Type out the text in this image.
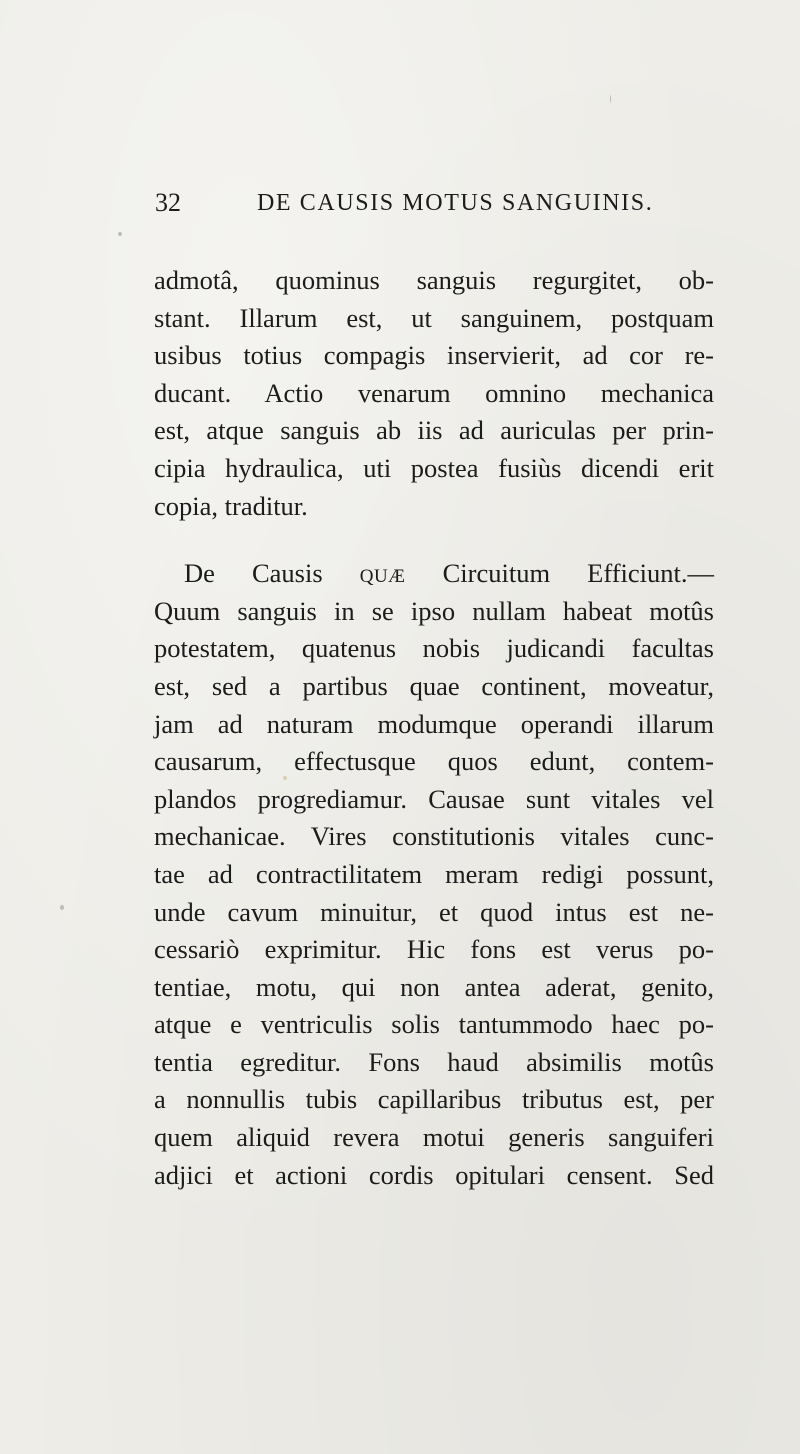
32	DE CAUSIS MOTUS SANGUINIS.
admotâ, quominus sanguis regurgitet, ob-
stant. Illarum est, ut sanguinem, postquam
usibus totius compagis inservierit, ad cor re-
ducant. Actio venarum omnino mechanica
est, atque sanguis ab iis ad auriculas per prin-
cipia hydraulica, uti postea fusiùs dicendi erit
copia, traditur.
De Causis QUÆ Circuitum Efficiunt.—
Quum sanguis in se ipso nullam habeat motûs
potestatem, quatenus nobis judicandi facultas
est, sed a partibus quae continent, moveatur,
jam ad naturam modumque operandi illarum
causarum, effectusque quos edunt, contem-
plandos progrediamur. Causae sunt vitales vel
mechanicae. Vires constitutionis vitales cunc-
tae ad contractilitatem meram redigi possunt,
unde cavum minuitur, et quod intus est ne-
cessariò exprimitur. Hic fons est verus po-
tentiae, motu, qui non antea aderat, genito,
atque e ventriculis solis tantummodo haec po-
tentia egreditur. Fons haud absimilis motûs
a nonnullis tubis capillaribus tributus est, per
quem aliquid revera motui generis sanguiferi
adjici et actioni cordis opitulari censent. Sed
